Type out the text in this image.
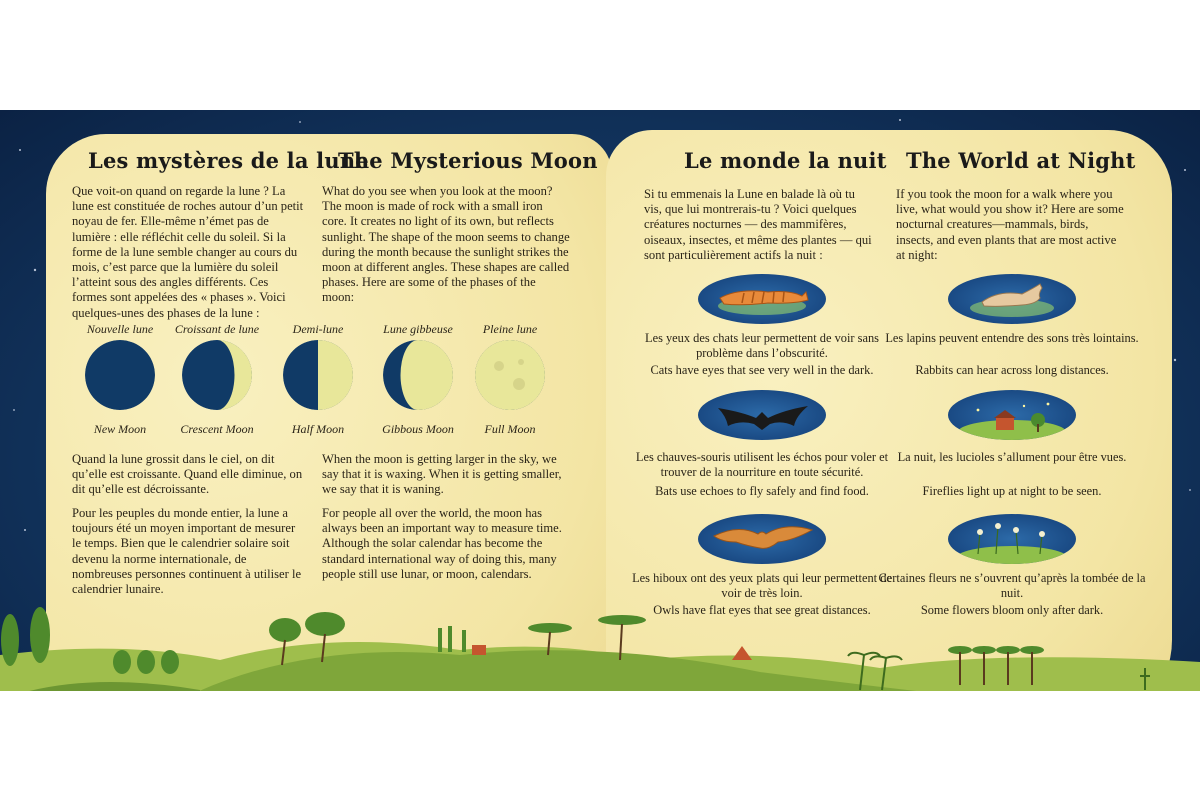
Les mystères de la lune
The Mysterious Moon

Que voit-on quand on regarde la lune ? La lune est constituée de roches autour d’un petit noyau de fer. Elle-même n’émet pas de lumière : elle réfléchit celle du soleil. Si la forme de la lune semble changer au cours du mois, c’est parce que la lumière du soleil l’atteint sous des angles différents. Ces formes sont appelées des « phases ». Voici quelques-unes des phases de la lune :

What do you see when you look at the moon? The moon is made of rock with a small iron core. It creates no light of its own, but reflects sunlight. The shape of the moon seems to change during the month because the sunlight strikes the moon at different angles. These shapes are called phases. Here are some of the phases of the moon:

Nouvelle lune
New Moon
Croissant de lune
Crescent Moon
Demi-lune
Half Moon
Lune gibbeuse
Gibbous Moon
Pleine lune
Full Moon

Quand la lune grossit dans le ciel, on dit qu’elle est croissante. Quand elle diminue, on dit qu’elle est décroissante.

When the moon is getting larger in the sky, we say that it is waxing. When it is getting smaller, we say that it is waning.

Pour les peuples du monde entier, la lune a toujours été un moyen important de mesurer le temps. Bien que le calendrier solaire soit devenu la norme internationale, de nombreuses personnes continuent à utiliser le calendrier lunaire.

For people all over the world, the moon has always been an important way to measure time. Although the solar calendar has become the standard international way of doing this, many people still use lunar, or moon, calendars.

Le monde la nuit The World at Night

Si tu emmenais la Lune en balade là où tu vis, que lui montrerais-tu ? Voici quelques créatures nocturnes — des mammifères, oiseaux, insectes, et même des plantes — qui sont particulièrement actifs la nuit :

If you took the moon for a walk where you live, what would you show it? Here are some nocturnal creatures—mammals, birds, insects, and even plants that are most active at night:

Les yeux des chats leur permettent de voir sans problème dans l’obscurité.
Cats have eyes that see very well in the dark.
Les lapins peuvent entendre des sons très lointains.
Rabbits can hear across long distances.
Les chauves-souris utilisent les échos pour voler et trouver de la nourriture en toute sécurité.
Bats use echoes to fly safely and find food.
La nuit, les lucioles s’allument pour être vues.
Fireflies light up at night to be seen.
Les hiboux ont des yeux plats qui leur permettent de voir de très loin.
Owls have flat eyes that see great distances.
Certaines fleurs ne s’ouvrent qu’après la tombée de la nuit.
Some flowers bloom only after dark.
